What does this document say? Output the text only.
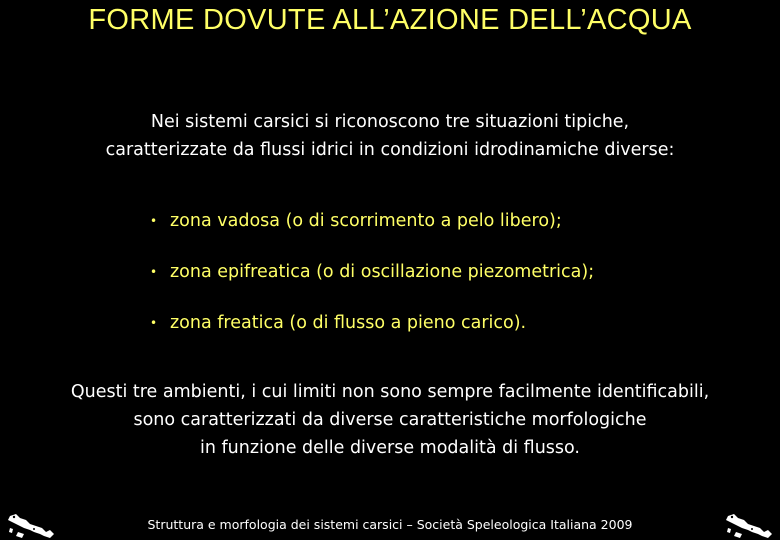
FORME DOVUTE ALL’AZIONE DELL’ACQUA
Nei sistemi carsici si riconoscono tre situazioni tipiche,
caratterizzate da flussi idrici in condizioni idrodinamiche diverse:
• zona vadosa (o di scorrimento a pelo libero);
• zona epifreatica (o di oscillazione piezometrica);
• zona freatica (o di flusso a pieno carico).
Questi tre ambienti, i cui limiti non sono sempre facilmente identificabili,
sono caratterizzati da diverse caratteristiche morfologiche
in funzione delle diverse modalità di flusso.
Struttura e morfologia dei sistemi carsici – Società Speleologica Italiana 2009
